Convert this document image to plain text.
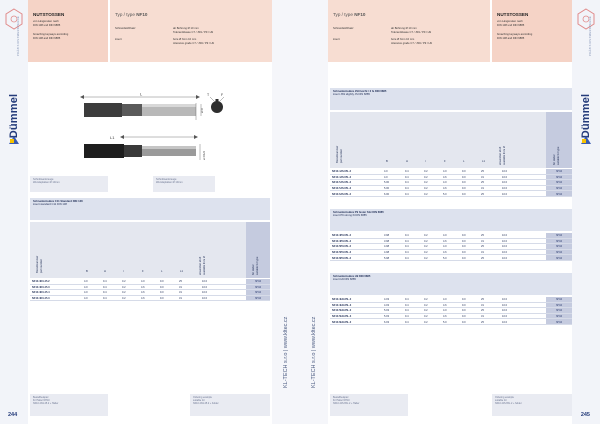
Dümmel
PRÄZISIONSWERKZEUGE
244
NUTSTOSSEN
von Längsnuten nach
DIN 138 und DIN 6885
broaching keyways according
DIN 138 and DIN 6885
Typ / type NF10
Schneidstoff/satz	ab Bohrung Ø 10 mm
Toleranzklasse C7 / JS9 / P9 / H9
insert	bore Ø from 10 mm
tolerance grade C7 / JS9 / P9 / H9
L
ø D
T	F
L1
ø D1/2
Schnittwerkzeuge
Wendeplatten Ø 10mm
Schnittwerkzeuge
Wendeplatten Ø 10mm
Schneideinsätze C11 Standard DIN 138
insert standard C11 DIN 138
Bestellnummer part number	B	H	r	F	L	L1	einsetzbar ab Ø available from Ø	für Halter suitable for type
NF10.4N1.45.2	4.0	9.4	0.2	4.0	9.0	25	10.0	NH10
NF10.4N1.45.3	4.0	9.4	0.2	4.6	9.0	31	10.0	NH10
NF10.4N1.45.4	4.0	9.4	0.2	4.6	9.0	31	10.0	NH10
NF10.4N1.45.3	4.0	9.4	0.2	4.6	9.0	31	10.0	NH10
Bestellbeispiel
für Halter NH10
NF10.4N1.45.2 + Halter
Ordering example
suitable for
NF10.4N1.45.2 + holder
KL-TECH s.r.o | www.kltec.cz	KL-TECH s.r.o | www.kltec.cz
Typ / type NF10
Schneidstoff/satz	ab Bohrung Ø 10 mm
Toleranzklasse C7 / JS9 / P9 / H9
insert	bore Ø from 10 mm
tolerance grade C7 / JS9 / P9 / H9
NUTSTOSSEN
von Längsnuten nach
DIN 138 und DIN 6885
broaching keyways according
DIN 138 and DIN 6885
Schneideinsätze JS9 leicht / 3 fe DIN 6885
insert JS9 slightly JS DIN 6885
Bestellnummer part number	B	H	r	F	L	L1	einsetzbar ab Ø available from Ø	für Halter suitable for type
NF10.4JS.65L.2	4.0	9.4	0.2	4.0	9.0	25	10.0	NH10
NF10.4JS.65L.3	4.0	9.4	0.2	4.6	9.0	31	10.0	NH10
NF10.5JS.65L.2	5.00	9.4	0.2	4.0	9.0	25	10.0	NH10
NF10.5JS.65L.3	5.00	9.4	0.2	4.6	9.0	31	10.0	NH10
NF10.6JS.65L.2	6.00	9.4	0.2	5.0	9.0	25	10.0	NH10
Schneideinsätze P9 fester Sitz DIN 6885
insert P9 strong fit DIN 6885
NF10.4P9.65L.2	3.98	9.4	0.2	4.0	9.0	25	10.0	NH10
NF10.4P9.65L.3	3.98	9.4	0.2	4.6	9.0	31	10.0	NH10
NF10.5P9.65L.2	4.98	9.4	0.2	4.0	9.0	25	10.0	NH10
NF10.5P9.65L.3	4.98	9.4	0.2	4.6	9.0	31	10.0	NH10
NF10.6P9.65L.2	5.98	9.4	0.2	5.0	9.0	25	10.0	NH10
Schneideinsätze H9 DIN 6885
insert H9 DIN 6885
NF10.4H9.65L.2	4.03	9.4	0.2	4.0	9.0	25	10.0	NH10
NF10.4H9.65L.3	4.03	9.4	0.2	4.6	9.0	31	10.0	NH10
NF10.5H9.65L.2	5.03	9.4	0.2	4.0	9.0	25	10.0	NH10
NF10.5H9.65L.3	5.03	9.4	0.2	4.6	9.0	31	10.0	NH10
NF10.6H9.65L.2	6.03	9.4	0.2	5.0	9.0	25	10.0	NH10
Bestellbeispiel
für Halter NH10
NF10.4JS.65L.2 + Halter
Ordering example
suitable for
NF10.4JS.65L.2 + holder
Dümmel
PRÄZISIONSWERKZEUGE
245
